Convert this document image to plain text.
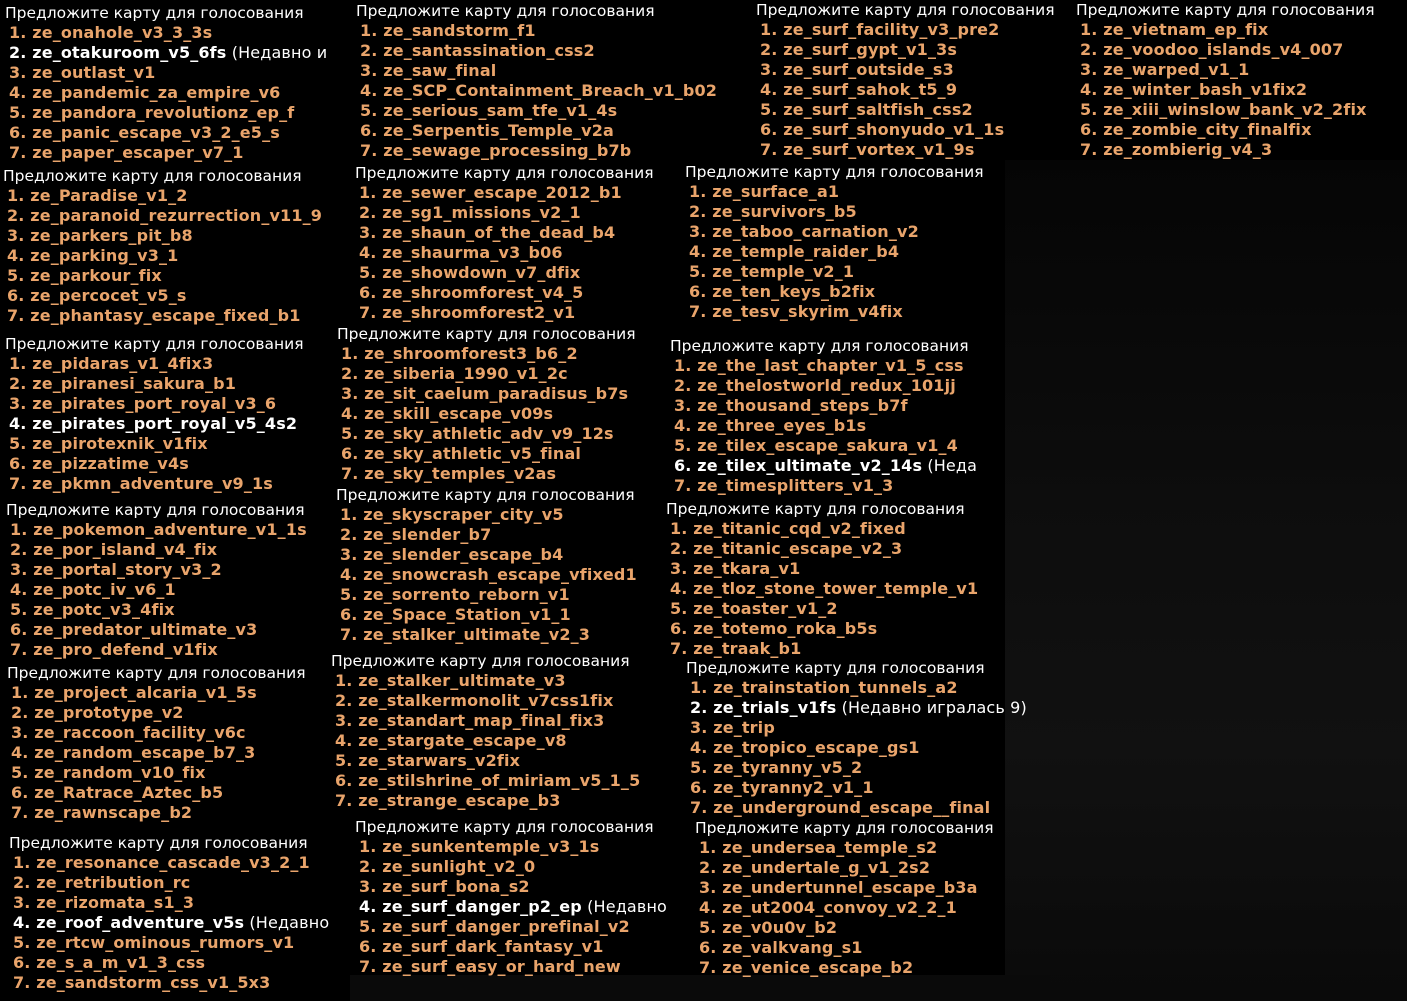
Предложите карту для голосования
1. ze_onahole_v3_3_3s
2. ze_otakuroom_v5_6fs (Недавно и
3. ze_outlast_v1
4. ze_pandemic_za_empire_v6
5. ze_pandora_revolutionz_ep_f
6. ze_panic_escape_v3_2_e5_s
7. ze_paper_escaper_v7_1
Предложите карту для голосования
1. ze_Paradise_v1_2
2. ze_paranoid_rezurrection_v11_9
3. ze_parkers_pit_b8
4. ze_parking_v3_1
5. ze_parkour_fix
6. ze_percocet_v5_s
7. ze_phantasy_escape_fixed_b1
Предложите карту для голосования
1. ze_pidaras_v1_4fix3
2. ze_piranesi_sakura_b1
3. ze_pirates_port_royal_v3_6
4. ze_pirates_port_royal_v5_4s2
5. ze_pirotexnik_v1fix
6. ze_pizzatime_v4s
7. ze_pkmn_adventure_v9_1s
Предложите карту для голосования
1. ze_pokemon_adventure_v1_1s
2. ze_por_island_v4_fix
3. ze_portal_story_v3_2
4. ze_potc_iv_v6_1
5. ze_potc_v3_4fix
6. ze_predator_ultimate_v3
7. ze_pro_defend_v1fix
Предложите карту для голосования
1. ze_project_alcaria_v1_5s
2. ze_prototype_v2
3. ze_raccoon_facility_v6c
4. ze_random_escape_b7_3
5. ze_random_v10_fix
6. ze_Ratrace_Aztec_b5
7. ze_rawnscape_b2
Предложите карту для голосования
1. ze_resonance_cascade_v3_2_1
2. ze_retribution_rc
3. ze_rizomata_s1_3
4. ze_roof_adventure_v5s (Недавно
5. ze_rtcw_ominous_rumors_v1
6. ze_s_a_m_v1_3_css
7. ze_sandstorm_css_v1_5x3
Предложите карту для голосования
1. ze_sandstorm_f1
2. ze_santassination_css2
3. ze_saw_final
4. ze_SCP_Containment_Breach_v1_b02
5. ze_serious_sam_tfe_v1_4s
6. ze_Serpentis_Temple_v2a
7. ze_sewage_processing_b7b
Предложите карту для голосования
1. ze_sewer_escape_2012_b1
2. ze_sg1_missions_v2_1
3. ze_shaun_of_the_dead_b4
4. ze_shaurma_v3_b06
5. ze_showdown_v7_dfix
6. ze_shroomforest_v4_5
7. ze_shroomforest2_v1
Предложите карту для голосования
1. ze_shroomforest3_b6_2
2. ze_siberia_1990_v1_2c
3. ze_sit_caelum_paradisus_b7s
4. ze_skill_escape_v09s
5. ze_sky_athletic_adv_v9_12s
6. ze_sky_athletic_v5_final
7. ze_sky_temples_v2as
Предложите карту для голосования
1. ze_skyscraper_city_v5
2. ze_slender_b7
3. ze_slender_escape_b4
4. ze_snowcrash_escape_vfixed1
5. ze_sorrento_reborn_v1
6. ze_Space_Station_v1_1
7. ze_stalker_ultimate_v2_3
Предложите карту для голосования
1. ze_stalker_ultimate_v3
2. ze_stalkermonolit_v7css1fix
3. ze_standart_map_final_fix3
4. ze_stargate_escape_v8
5. ze_starwars_v2fix
6. ze_stilshrine_of_miriam_v5_1_5
7. ze_strange_escape_b3
Предложите карту для голосования
1. ze_sunkentemple_v3_1s
2. ze_sunlight_v2_0
3. ze_surf_bona_s2
4. ze_surf_danger_p2_ep (Недавно
5. ze_surf_danger_prefinal_v2
6. ze_surf_dark_fantasy_v1
7. ze_surf_easy_or_hard_new
Предложите карту для голосования
1. ze_surf_facility_v3_pre2
2. ze_surf_gypt_v1_3s
3. ze_surf_outside_s3
4. ze_surf_sahok_t5_9
5. ze_surf_saltfish_css2
6. ze_surf_shonyudo_v1_1s
7. ze_surf_vortex_v1_9s
Предложите карту для голосования
1. ze_surface_a1
2. ze_survivors_b5
3. ze_taboo_carnation_v2
4. ze_temple_raider_b4
5. ze_temple_v2_1
6. ze_ten_keys_b2fix
7. ze_tesv_skyrim_v4fix
Предложите карту для голосования
1. ze_the_last_chapter_v1_5_css
2. ze_thelostworld_redux_101jj
3. ze_thousand_steps_b7f
4. ze_three_eyes_b1s
5. ze_tilex_escape_sakura_v1_4
6. ze_tilex_ultimate_v2_14s (Неда
7. ze_timesplitters_v1_3
Предложите карту для голосования
1. ze_titanic_cqd_v2_fixed
2. ze_titanic_escape_v2_3
3. ze_tkara_v1
4. ze_tloz_stone_tower_temple_v1
5. ze_toaster_v1_2
6. ze_totemo_roka_b5s
7. ze_traak_b1
Предложите карту для голосования
1. ze_trainstation_tunnels_a2
2. ze_trials_v1fs (Недавно игралась 9)
3. ze_trip
4. ze_tropico_escape_gs1
5. ze_tyranny_v5_2
6. ze_tyranny2_v1_1
7. ze_underground_escape__final
Предложите карту для голосования
1. ze_undersea_temple_s2
2. ze_undertale_g_v1_2s2
3. ze_undertunnel_escape_b3a
4. ze_ut2004_convoy_v2_2_1
5. ze_v0u0v_b2
6. ze_valkvang_s1
7. ze_venice_escape_b2
Предложите карту для голосования
1. ze_vietnam_ep_fix
2. ze_voodoo_islands_v4_007
3. ze_warped_v1_1
4. ze_winter_bash_v1fix2
5. ze_xiii_winslow_bank_v2_2fix
6. ze_zombie_city_finalfix
7. ze_zombierig_v4_3
